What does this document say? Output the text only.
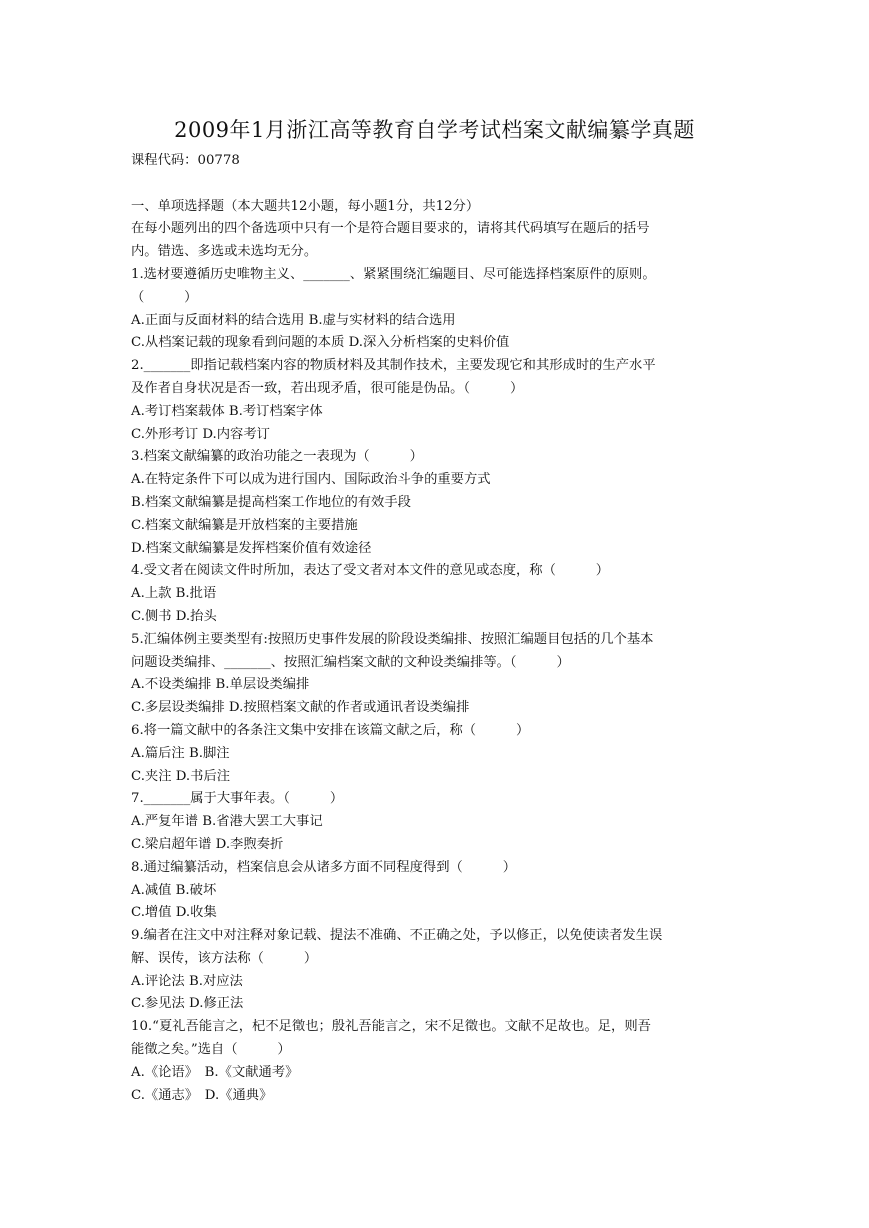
2009年1月浙江高等教育自学考试档案文献编纂学真题
课程代码：00778
一、单项选择题（本大题共12小题，每小题1分，共12分）
在每小题列出的四个备选项中只有一个是符合题目要求的，请将其代码填写在题后的括号
内。错选、多选或未选均无分。
1.选材要遵循历史唯物主义、_______、紧紧围绕汇编题目、尽可能选择档案原件的原则。
（　　　）
A.正面与反面材料的结合选用 B.虚与实材料的结合选用
C.从档案记载的现象看到问题的本质 D.深入分析档案的史料价值
2._______即指记载档案内容的物质材料及其制作技术，主要发现它和其形成时的生产水平
及作者自身状况是否一致，若出现矛盾，很可能是伪品。（　　　）
A.考订档案载体 B.考订档案字体
C.外形考订 D.内容考订
3.档案文献编纂的政治功能之一表现为（　　　）
A.在特定条件下可以成为进行国内、国际政治斗争的重要方式
B.档案文献编纂是提高档案工作地位的有效手段
C.档案文献编纂是开放档案的主要措施
D.档案文献编纂是发挥档案价值有效途径
4.受文者在阅读文件时所加，表达了受文者对本文件的意见或态度，称（　　　）
A.上款 B.批语
C.侧书 D.抬头
5.汇编体例主要类型有:按照历史事件发展的阶段设类编排、按照汇编题目包括的几个基本
问题设类编排、_______、按照汇编档案文献的文种设类编排等。（　　　）
A.不设类编排 B.单层设类编排
C.多层设类编排 D.按照档案文献的作者或通讯者设类编排
6.将一篇文献中的各条注文集中安排在该篇文献之后，称（　　　）
A.篇后注 B.脚注
C.夹注 D.书后注
7._______属于大事年表。（　　　）
A.严复年谱 B.省港大罢工大事记
C.梁启超年谱 D.李煦奏折
8.通过编纂活动，档案信息会从诸多方面不同程度得到（　　　）
A.减值 B.破坏
C.增值 D.收集
9.编者在注文中对注释对象记载、提法不准确、不正确之处，予以修正，以免使读者发生误
解、误传，该方法称（　　　）
A.评论法 B.对应法
C.参见法 D.修正法
10.“夏礼吾能言之，杞不足徵也；殷礼吾能言之，宋不足徵也。文献不足故也。足，则吾
能徵之矣。”选自（　　　）
A.《论语》　B.《文献通考》
C.《通志》　D.《通典》
